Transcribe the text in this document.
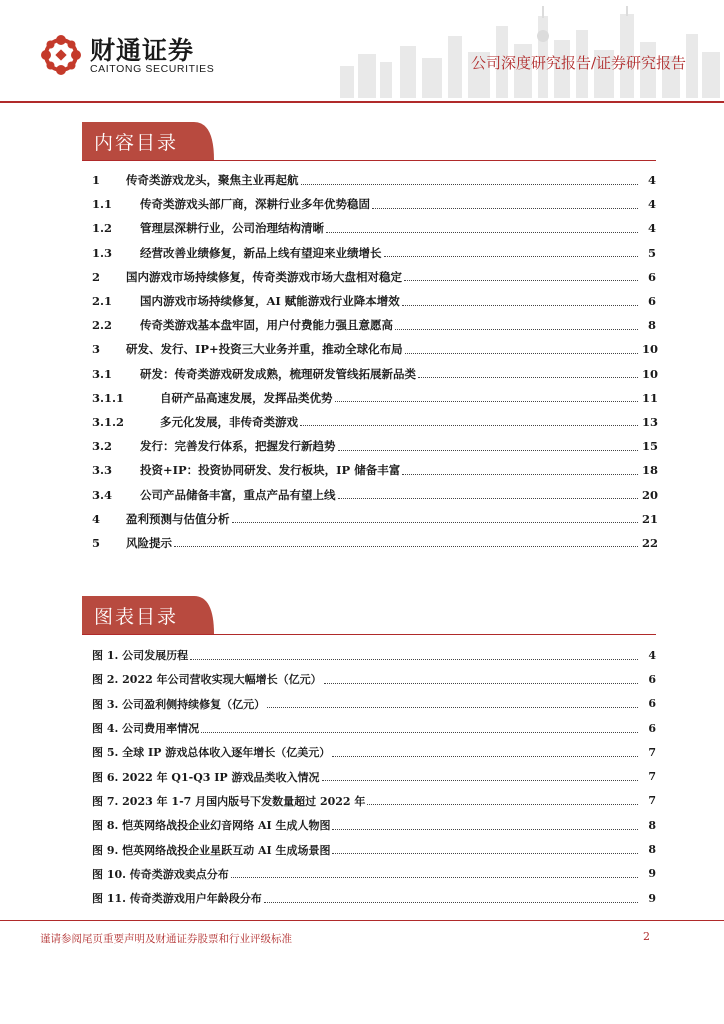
财通证券
CAITONG SECURITIES	公司深度研究报告/证券研究报告
内容目录
1	传奇类游戏龙头，聚焦主业再起航	4
1.1	传奇类游戏头部厂商，深耕行业多年优势稳固	4
1.2	管理层深耕行业，公司治理结构清晰	4
1.3	经营改善业绩修复，新品上线有望迎来业绩增长	5
2	国内游戏市场持续修复，传奇类游戏市场大盘相对稳定	6
2.1	国内游戏市场持续修复，AI 赋能游戏行业降本增效	6
2.2	传奇类游戏基本盘牢固，用户付费能力强且意愿高	8
3	研发、发行、IP+投资三大业务并重，推动全球化布局	10
3.1	研发：传奇类游戏研发成熟，梳理研发管线拓展新品类	10
3.1.1	自研产品高速发展，发挥品类优势	11
3.1.2	多元化发展，非传奇类游戏	13
3.2	发行：完善发行体系，把握发行新趋势	15
3.3	投资+IP：投资协同研发、发行板块，IP 储备丰富	18
3.4	公司产品储备丰富，重点产品有望上线	20
4	盈利预测与估值分析	21
5	风险提示	22
图表目录
图 1. 公司发展历程	4
图 2. 2022 年公司营收实现大幅增长（亿元）	6
图 3. 公司盈利侧持续修复（亿元）	6
图 4. 公司费用率情况	6
图 5. 全球 IP 游戏总体收入逐年增长（亿美元）	7
图 6. 2022 年 Q1-Q3 IP 游戏品类收入情况	7
图 7. 2023 年 1-7 月国内版号下发数量超过 2022 年	7
图 8. 恺英网络战投企业幻音网络 AI 生成人物图	8
图 9. 恺英网络战投企业星跃互动 AI 生成场景图	8
图 10. 传奇类游戏卖点分布	9
图 11. 传奇类游戏用户年龄段分布	9
谨请参阅尾页重要声明及财通证券股票和行业评级标准	2
